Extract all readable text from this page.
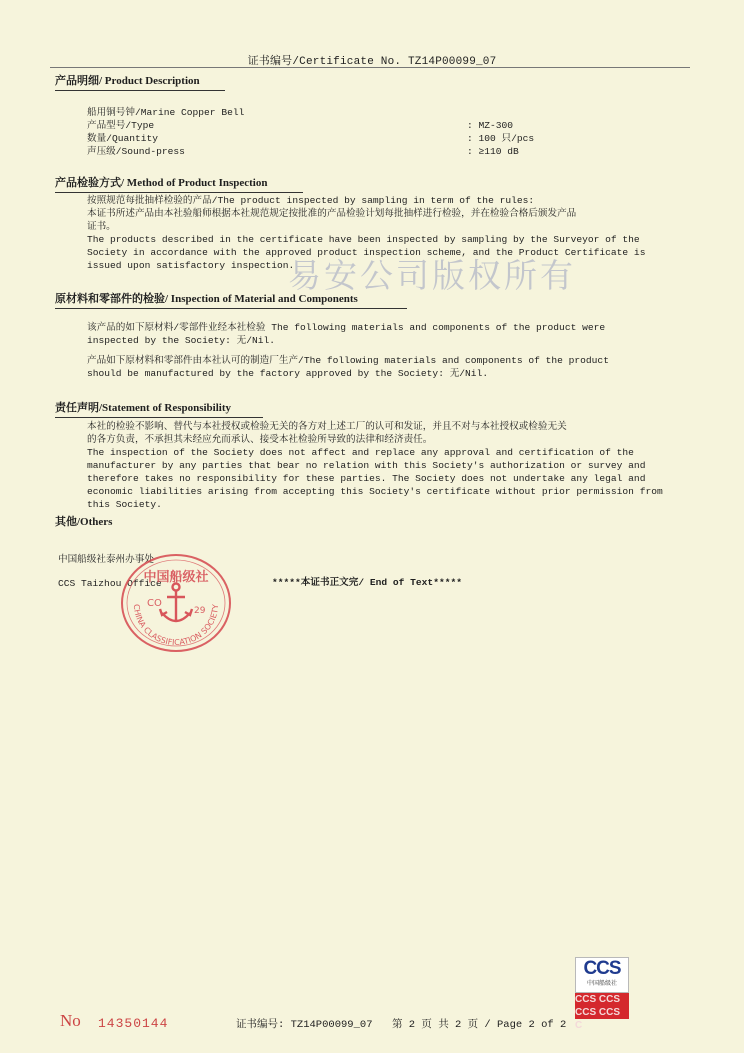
证书编号/Certificate No. TZ14P00099_07
产品明细/ Product Description

船用铜号钟/Marine Copper Bell

产品型号/Type

数量/Quantity

声压级/Sound-press

: MZ-300

: 100 只/pcs

: ≥110 dB

产品检验方式/ Method of Product Inspection

按照规范每批抽样检验的产品/The product inspected by sampling in term of the rules:

本证书所述产品由本社验船师根据本社规范规定按批准的产品检验计划每批抽样进行检验，并在检验合格后颁发产品

证书。

The products described in the certificate have been inspected by sampling by the Surveyor of the

Society in accordance with the approved product inspection scheme, and the Product Certificate is

issued upon satisfactory inspection.

易安公司版权所有
原材料和零部件的检验/ Inspection of Material and Components

该产品的如下原材料/零部件业经本社检验 The following materials and components of the product were

inspected by the Society: 无/Nil.

产品如下原材料和零部件由本社认可的制造厂生产/The following materials and components of the product

should be manufactured by the factory approved by the Society: 无/Nil.

责任声明/Statement of Responsibility

本社的检验不影响、替代与本社授权或检验无关的各方对上述工厂的认可和发证，并且不对与本社授权或检验无关

的各方负责，不承担其未经应允而承认、接受本社检验所导致的法律和经济责任。

The inspection of the Society does not affect and replace any approval and certification of the

manufacturer by any parties that bear no relation with this Society's authorization or survey and

therefore takes no responsibility for these parties. The Society does not undertake any legal and

economic liabilities arising from accepting this Society's certificate without prior permission from

this Society.

其他/Others
中国船级社泰州办事处
CCS Taizhou Office	*****本证书正文完/ End of Text*****
中国船级社
CHINA CLASSIFICATION SOCIETY
CO
29
CCS
中国船级社
CCS CCS CCS CCS C
No 14350144	证书编号: TZ14P00099_07 第 2 页 共 2 页 / Page 2 of 2
